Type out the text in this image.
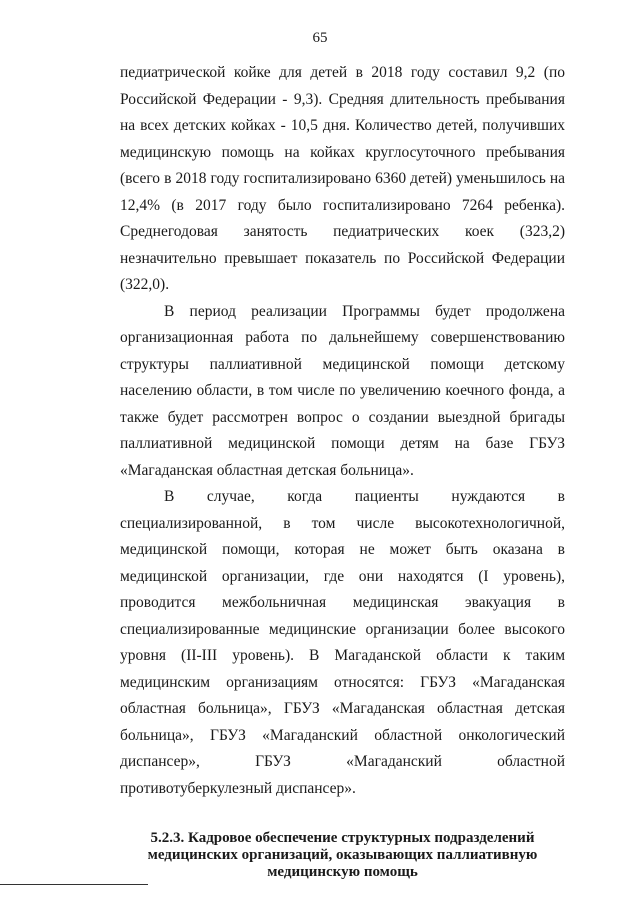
65

педиатрической койке для детей в 2018 году составил 9,2 (по Российской Федерации - 9,3). Средняя длительность пребывания на всех детских койках - 10,5 дня. Количество детей, получивших медицинскую помощь на койках круглосуточного пребывания (всего в 2018 году госпитализировано 6360 детей) уменьшилось на 12,4% (в 2017 году было госпитализировано 7264 ребенка). Среднегодовая занятость педиатрических коек (323,2) незначительно превышает показатель по Российской Федерации (322,0).

В период реализации Программы будет продолжена организационная работа по дальнейшему совершенствованию структуры паллиативной медицинской помощи детскому населению области, в том числе по увеличению коечного фонда, а также будет рассмотрен вопрос о создании выездной бригады паллиативной медицинской помощи детям на базе ГБУЗ «Магаданская областная детская больница».

В случае, когда пациенты нуждаются в специализированной, в том числе высокотехнологичной, медицинской помощи, которая не может быть оказана в медицинской организации, где они находятся (I уровень), проводится межбольничная медицинская эвакуация в специализированные медицинские организации более высокого уровня (II-III уровень). В Магаданской области к таким медицинским организациям относятся: ГБУЗ «Магаданская областная больница», ГБУЗ «Магаданская областная детская больница», ГБУЗ «Магаданский областной онкологический диспансер», ГБУЗ «Магаданский областной противотуберкулезный диспансер».

5.2.3. Кадровое обеспечение структурных подразделений медицинских организаций, оказывающих паллиативную медицинскую помощь
